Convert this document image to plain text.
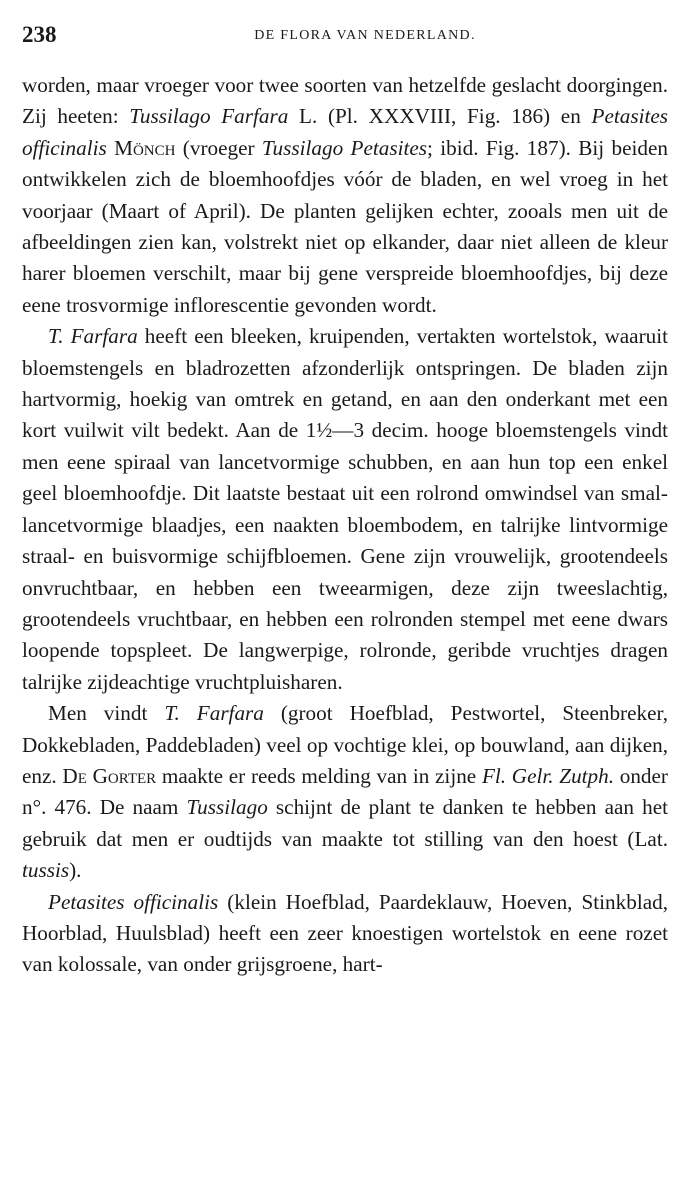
238	DE FLORA VAN NEDERLAND.

worden, maar vroeger voor twee soorten van hetzelfde geslacht doorgingen. Zij heeten: Tussilago Farfara L. (Pl. XXXVIII, Fig. 186) en Petasites officinalis Mönch (vroeger Tussilago Petasites; ibid. Fig. 187). Bij beiden ontwikkelen zich de bloemhoofdjes vóór de bladen, en wel vroeg in het voorjaar (Maart of April). De planten gelijken echter, zooals men uit de afbeeldingen zien kan, volstrekt niet op elkander, daar niet alleen de kleur harer bloemen verschilt, maar bij gene verspreide bloemhoofdjes, bij deze eene trosvormige inflorescentie gevonden wordt.

T. Farfara heeft een bleeken, kruipenden, vertakten wortelstok, waaruit bloemstengels en bladrozetten afzonderlijk ontspringen. De bladen zijn hartvormig, hoekig van omtrek en getand, en aan den onderkant met een kort vuilwit vilt bedekt. Aan de 1½—3 decim. hooge bloemstengels vindt men eene spiraal van lancetvormige schubben, en aan hun top een enkel geel bloemhoofdje. Dit laatste bestaat uit een rolrond omwindsel van smal-lancetvormige blaadjes, een naakten bloembodem, en talrijke lintvormige straal- en buisvormige schijfbloemen. Gene zijn vrouwelijk, grootendeels onvruchtbaar, en hebben een tweearmigen, deze zijn tweeslachtig, grootendeels vruchtbaar, en hebben een rolronden stempel met eene dwars loopende topspleet. De langwerpige, rolronde, geribde vruchtjes dragen talrijke zijdeachtige vruchtpluisharen.

Men vindt T. Farfara (groot Hoefblad, Pestwortel, Steenbreker, Dokkebladen, Paddebladen) veel op vochtige klei, op bouwland, aan dijken, enz. De Gorter maakte er reeds melding van in zijne Fl. Gelr. Zutph. onder n°. 476. De naam Tussilago schijnt de plant te danken te hebben aan het gebruik dat men er oudtijds van maakte tot stilling van den hoest (Lat. tussis).

Petasites officinalis (klein Hoefblad, Paardeklauw, Hoeven, Stinkblad, Hoorblad, Huulsblad) heeft een zeer knoestigen wortelstok en eene rozet van kolossale, van onder grijsgroene, hart-
